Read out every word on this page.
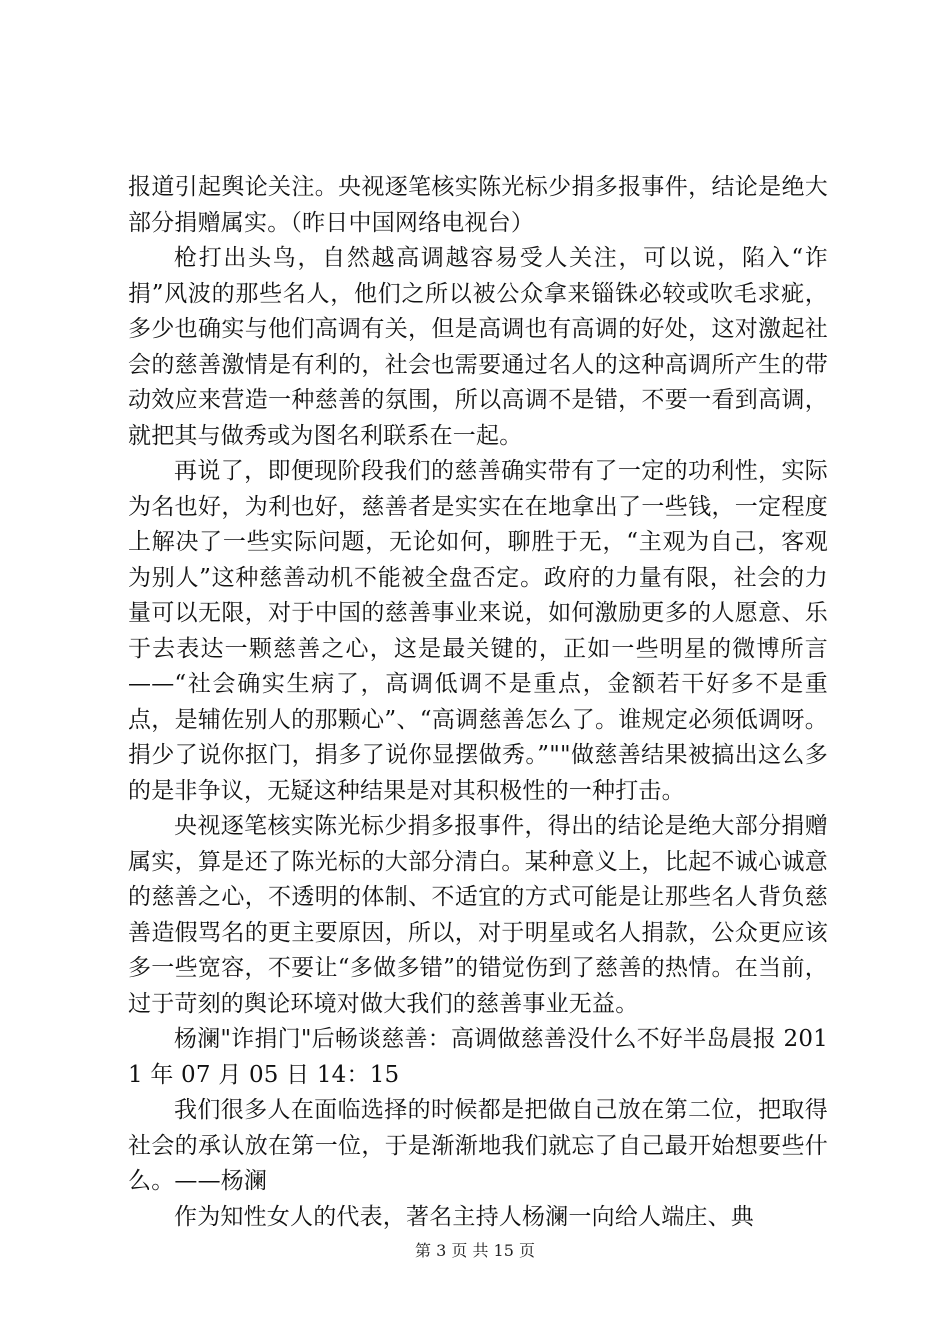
报道引起舆论关注。央视逐笔核实陈光标少捐多报事件，结论是绝大部分捐赠属实。（昨日中国网络电视台）

枪打出头鸟，自然越高调越容易受人关注，可以说，陷入“诈捐”风波的那些名人，他们之所以被公众拿来锱铢必较或吹毛求疵，多少也确实与他们高调有关，但是高调也有高调的好处，这对激起社会的慈善激情是有利的，社会也需要通过名人的这种高调所产生的带动效应来营造一种慈善的氛围，所以高调不是错，不要一看到高调，就把其与做秀或为图名利联系在一起。

再说了，即便现阶段我们的慈善确实带有了一定的功利性，实际为名也好，为利也好，慈善者是实实在在地拿出了一些钱，一定程度上解决了一些实际问题，无论如何，聊胜于无，“主观为自己，客观为别人”这种慈善动机不能被全盘否定。政府的力量有限，社会的力量可以无限，对于中国的慈善事业来说，如何激励更多的人愿意、乐于去表达一颗慈善之心，这是最关键的，正如一些明星的微博所言——“社会确实生病了，高调低调不是重点，金额若干好多不是重点，是辅佐别人的那颗心”、“高调慈善怎么了。谁规定必须低调呀。捐少了说你抠门，捐多了说你显摆做秀。”""做慈善结果被搞出这么多的是非争议，无疑这种结果是对其积极性的一种打击。

央视逐笔核实陈光标少捐多报事件，得出的结论是绝大部分捐赠属实，算是还了陈光标的大部分清白。某种意义上，比起不诚心诚意的慈善之心，不透明的体制、不适宜的方式可能是让那些名人背负慈善造假骂名的更主要原因，所以，对于明星或名人捐款，公众更应该多一些宽容，不要让“多做多错”的错觉伤到了慈善的热情。在当前，过于苛刻的舆论环境对做大我们的慈善事业无益。

杨澜"诈捐门"后畅谈慈善：高调做慈善没什么不好半岛晨报 2011 年 07 月 05 日 14：15

我们很多人在面临选择的时候都是把做自己放在第二位，把取得社会的承认放在第一位，于是渐渐地我们就忘了自己最开始想要些什么。——杨澜

作为知性女人的代表，著名主持人杨澜一向给人端庄、典

第 3 页 共 15 页
